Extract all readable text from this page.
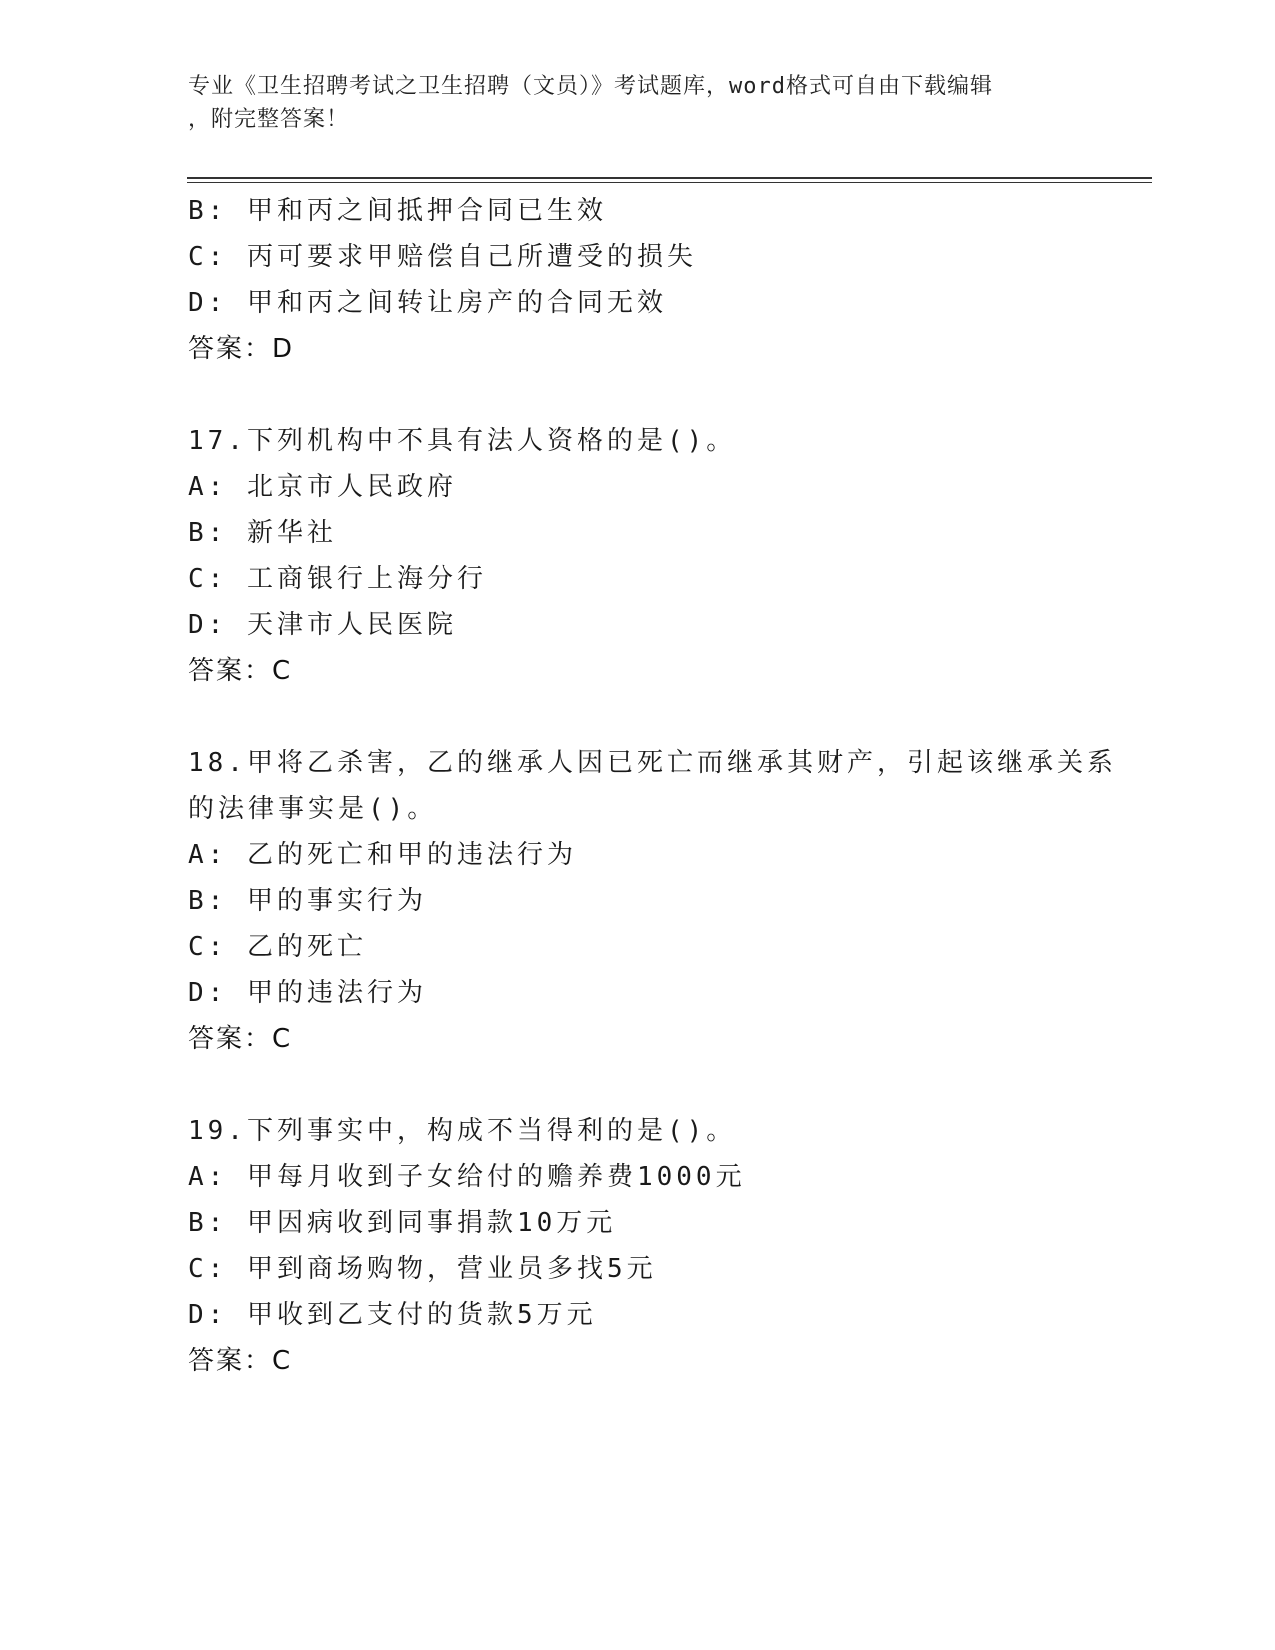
专业《卫生招聘考试之卫生招聘（文员）》考试题库，word格式可自由下载编辑
，附完整答案！
B: 甲和丙之间抵押合同已生效
C: 丙可要求甲赔偿自己所遭受的损失
D: 甲和丙之间转让房产的合同无效
答案：D
17.下列机构中不具有法人资格的是()。
A: 北京市人民政府
B: 新华社
C: 工商银行上海分行
D: 天津市人民医院
答案：C
18.甲将乙杀害，乙的继承人因已死亡而继承其财产，引起该继承关系
的法律事实是()。
A: 乙的死亡和甲的违法行为
B: 甲的事实行为
C: 乙的死亡
D: 甲的违法行为
答案：C
19.下列事实中，构成不当得利的是()。
A: 甲每月收到子女给付的赡养费1000元
B: 甲因病收到同事捐款10万元
C: 甲到商场购物，营业员多找5元
D: 甲收到乙支付的货款5万元
答案：C
